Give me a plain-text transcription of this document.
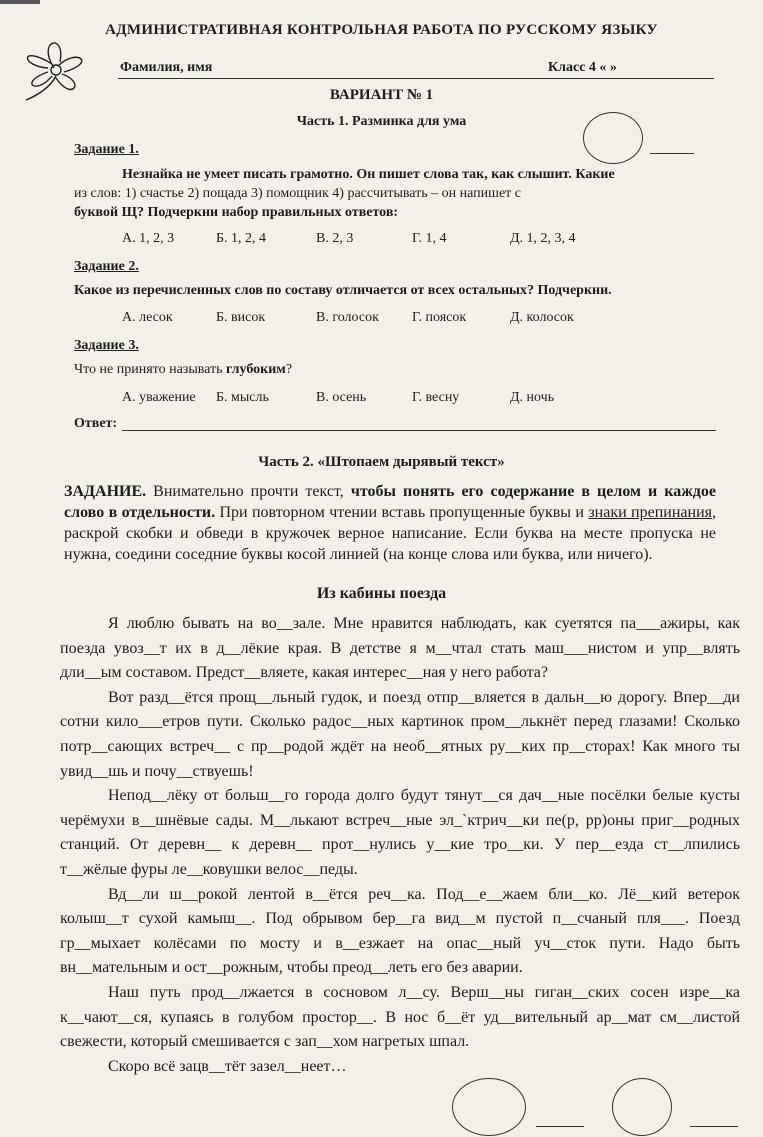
АДМИНИСТРАТИВНАЯ КОНТРОЛЬНАЯ РАБОТА ПО РУССКОМУ ЯЗЫКУ
Фамилия, имя	Класс 4 « »
ВАРИАНТ № 1
Часть 1. Разминка для ума
Задание 1.
Незнайка не умеет писать грамотно. Он пишет слова так, как слышит. Какие
из слов: 1) счастье 2) пощада 3) помощник 4) рассчитывать – он напишет с
буквой Щ? Подчеркни набор правильных ответов:
А. 1, 2, 3	Б. 1, 2, 4	В. 2, 3	Г. 1, 4	Д. 1, 2, 3, 4
Задание 2.
Какое из перечисленных слов по составу отличается от всех остальных? Подчеркни.
А. лесок	Б. висок	В. голосок Г. поясок	Д. колосок
Задание 3.
Что не принято называть глубоким?
А. уважение Б. мысль	В. осень	Г. весну	Д. ночь
Ответ:
Часть 2. «Штопаем дырявый текст»
ЗАДАНИЕ. Внимательно прочти текст, чтобы понять его содержание в целом и каждое слово в отдельности. При повторном чтении вставь пропущенные буквы и знаки препинания, раскрой скобки и обведи в кружочек верное написание. Если буква на месте пропуска не нужна, соедини соседние буквы косой линией (на конце слова или буква, или ничего).
Из кабины поезда

Я люблю бывать на во__зале. Мне нравится наблюдать, как суетятся па___ажиры, как поезда увоз__т их в д__лёкие края. В детстве я м__чтал стать маш___нистом и упр__влять дли__ым составом. Предст__вляете, какая интерес__ная у него работа?

Вот разд__ётся прощ__льный гудок, и поезд отпр__вляется в дальн__ю дорогу. Впер__ди сотни кило___етров пути. Сколько радос__ных картинок пром__лькнёт перед глазами! Сколько потр__сающих встреч__ с пр__родой ждёт на необ__ятных ру__ких пр__сторах! Как много ты увид__шь и почу__ствуешь!

Непод__лёку от больш__го города долго будут тянут__ся дач__ные посёлки белые кусты черёмухи в__шнёвые сады. М__лькают встреч__ные эл_`ктрич__ки пе(р, рр)оны приг__родных станций. От деревн__ к деревн__ прот__нулись у__кие тро__ки. У пер__езда ст__лпились т__жёлые фуры ле__ковушки велос__педы.

Вд__ли ш__рокой лентой в__ётся реч__ка. Под__е__жаем бли__ко. Лё__кий ветерок колыш__т сухой камыш__. Под обрывом бер__га вид__м пустой п__счаный пля___. Поезд гр__мыхает колёсами по мосту и в__езжает на опас__ный уч__сток пути. Надо быть вн__мательным и ост__рожным, чтобы преод__леть его без аварии.

Наш путь прод__лжается в сосновом л__су. Верш__ны гиган__ских сосен изре__ка к__чают__ся, купаясь в голубом простор__. В нос б__ёт уд__вительный ар__мат см__листой свежести, который смешивается с зап__хом нагретых шпал.

Скоро всё зацв__тёт зазел__неет…
